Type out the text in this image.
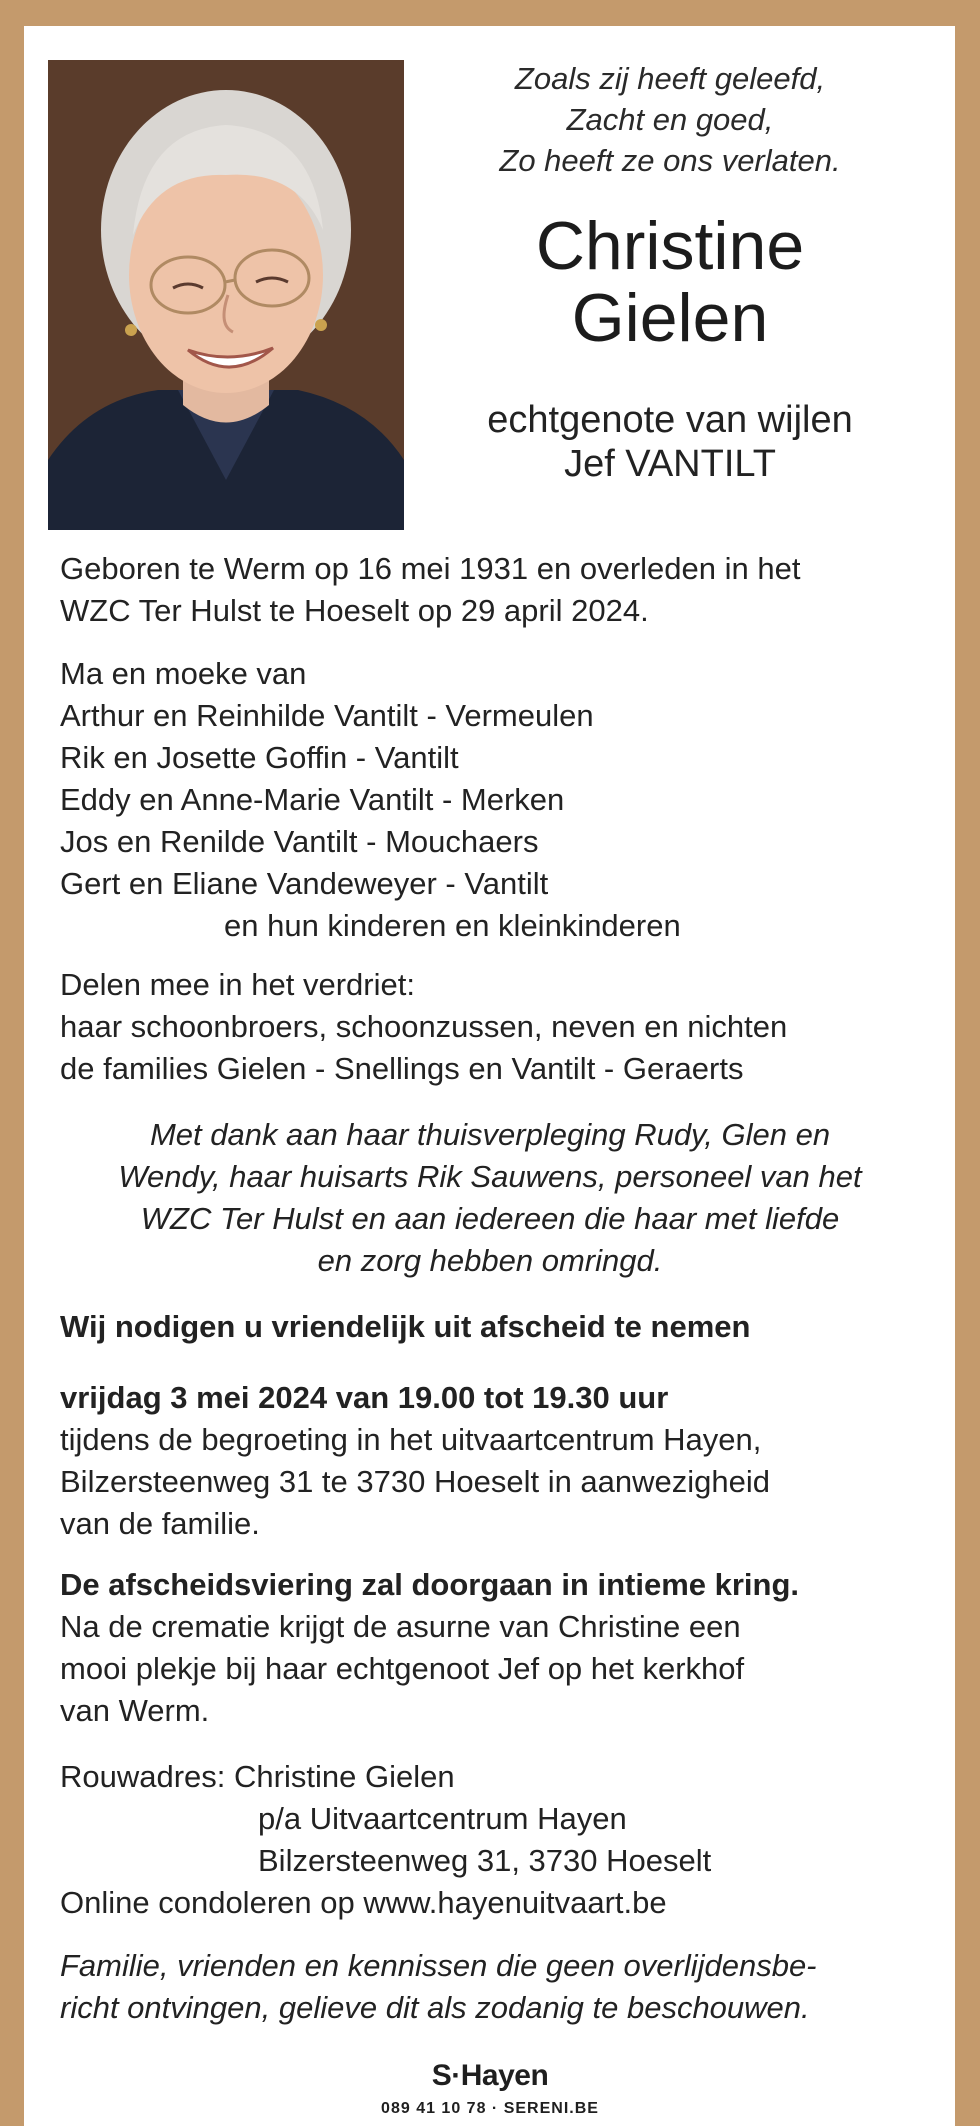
Zoals zij heeft geleefd,
Zacht en goed,
Zo heeft ze ons verlaten.
Christine
Gielen
echtgenote van wijlen
Jef VANTILT
Geboren te Werm op 16 mei 1931 en overleden in het
WZC Ter Hulst te Hoeselt op 29 april 2024.
Ma en moeke van
Arthur en Reinhilde Vantilt - Vermeulen
Rik en Josette Goffin - Vantilt
Eddy en Anne-Marie Vantilt - Merken
Jos en Renilde Vantilt - Mouchaers
Gert en Eliane Vandeweyer - Vantilt
en hun kinderen en kleinkinderen
Delen mee in het verdriet:
haar schoonbroers, schoonzussen, neven en nichten
de families Gielen - Snellings en Vantilt - Geraerts
Met dank aan haar thuisverpleging Rudy, Glen en
Wendy, haar huisarts Rik Sauwens, personeel van het
WZC Ter Hulst en aan iedereen die haar met liefde
en zorg hebben omringd.
Wij nodigen u vriendelijk uit afscheid te nemen
vrijdag 3 mei 2024 van 19.00 tot 19.30 uur
tijdens de begroeting in het uitvaartcentrum Hayen,
Bilzersteenweg 31 te 3730 Hoeselt in aanwezigheid
van de familie.
De afscheidsviering zal doorgaan in intieme kring.
Na de crematie krijgt de asurne van Christine een
mooi plekje bij haar echtgenoot Jef op het kerkhof
van Werm.
Rouwadres: Christine Gielen
p/a Uitvaartcentrum Hayen
Bilzersteenweg 31, 3730 Hoeselt
Online condoleren op www.hayenuitvaart.be
Familie, vrienden en kennissen die geen overlijdensbe-
richt ontvingen, gelieve dit als zodanig te beschouwen.
S·Hayen
089 41 10 78 · SERENI.BE
